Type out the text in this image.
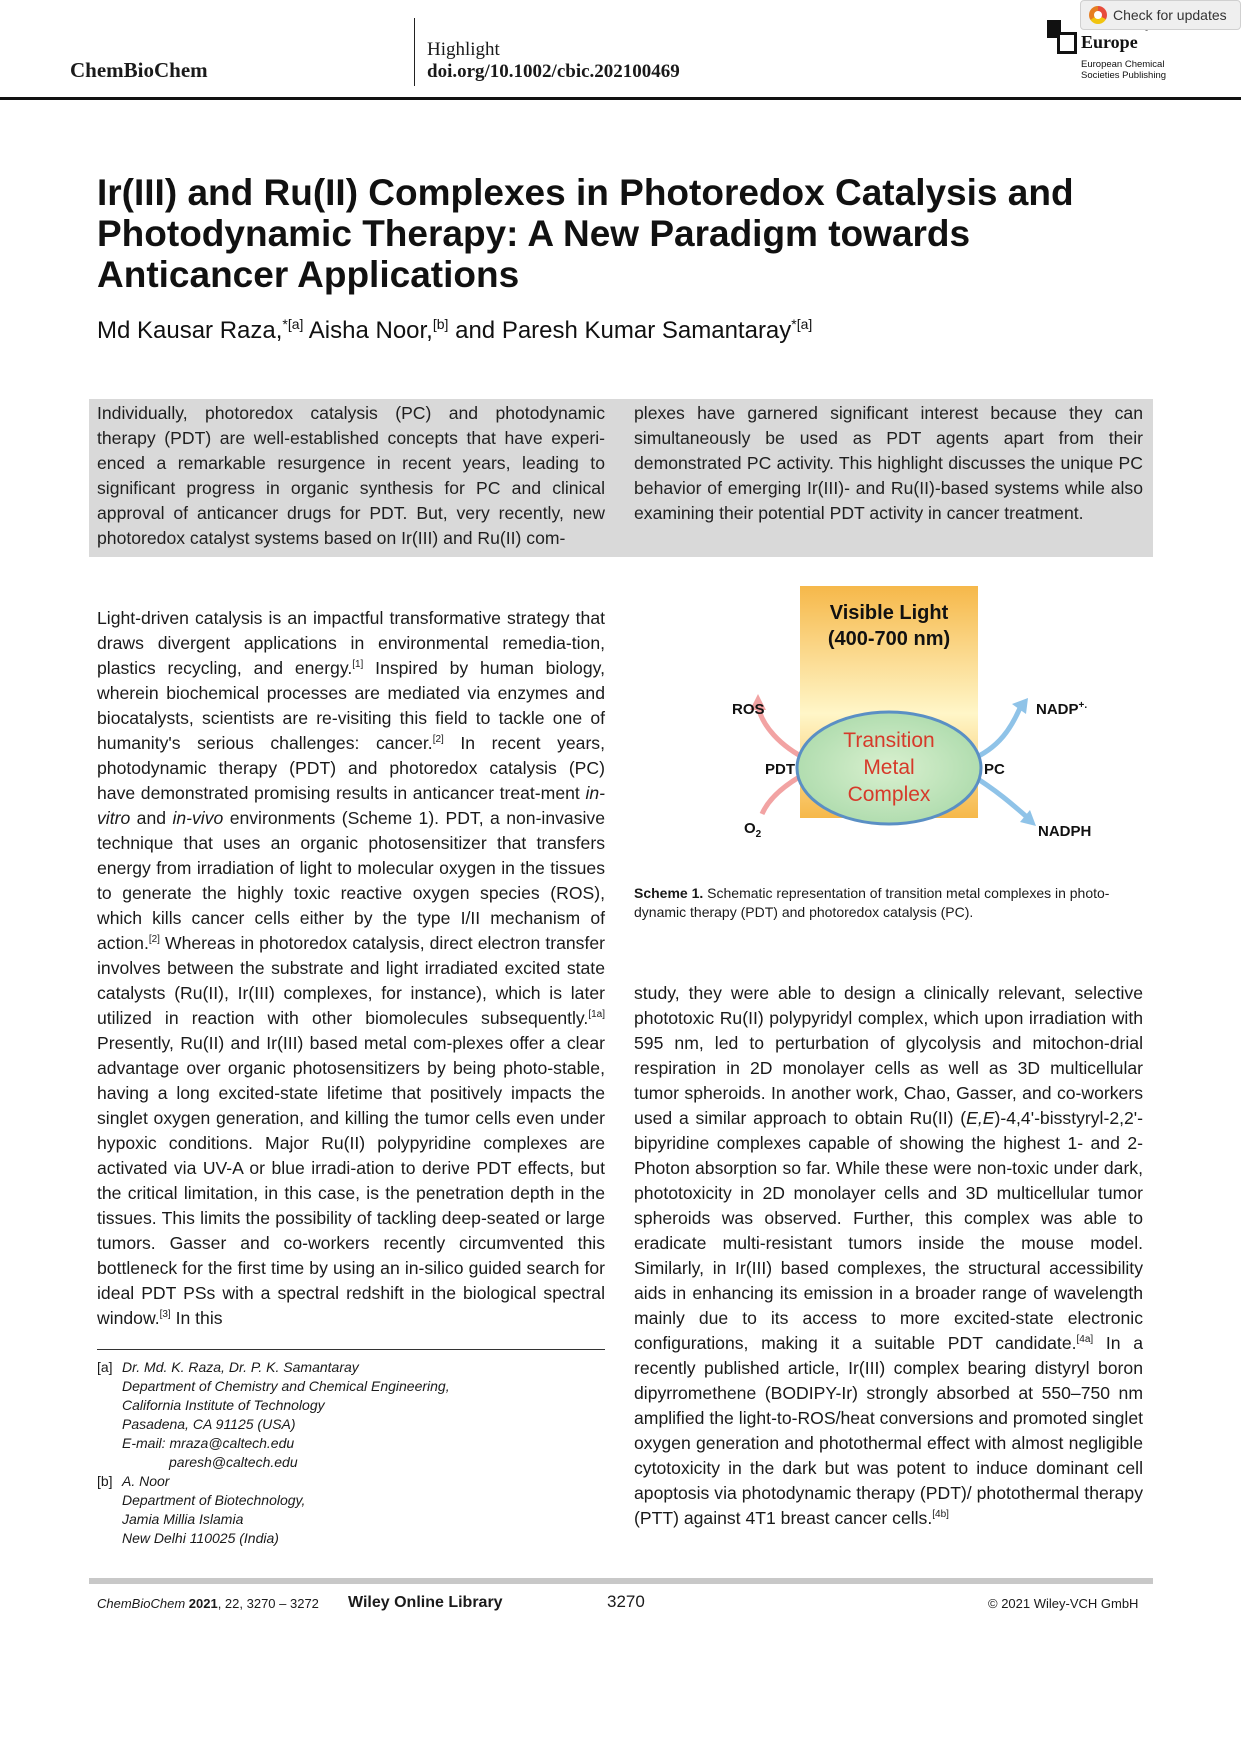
ChemBioChem
Highlight
doi.org/10.1002/cbic.202100469
Europe
European Chemical
Societies Publishing
Check for updates
Ir(III) and Ru(II) Complexes in Photoredox Catalysis and Photodynamic Therapy: A New Paradigm towards Anticancer Applications
Md Kausar Raza,$^{*[a]}$ Aisha Noor,[b] and Paresh Kumar Samantaray$^{*[a]}$
Individually, photoredox catalysis (PC) and photodynamic therapy (PDT) are well-established concepts that have experi-enced a remarkable resurgence in recent years, leading to significant progress in organic synthesis for PC and clinical approval of anticancer drugs for PDT. But, very recently, new photoredox catalyst systems based on Ir(III) and Ru(II) com-
plexes have garnered significant interest because they can simultaneously be used as PDT agents apart from their demonstrated PC activity. This highlight discusses the unique PC behavior of emerging Ir(III)- and Ru(II)-based systems while also examining their potential PDT activity in cancer treatment.
Light-driven catalysis is an impactful transformative strategy that draws divergent applications in environmental remedia-tion, plastics recycling, and energy.[1] Inspired by human biology, wherein biochemical processes are mediated via enzymes and biocatalysts, scientists are re-visiting this field to tackle one of humanity's serious challenges: cancer.[2] In recent years, photodynamic therapy (PDT) and photoredox catalysis (PC) have demonstrated promising results in anticancer treat-ment in-vitro and in-vivo environments (Scheme 1). PDT, a non-invasive technique that uses an organic photosensitizer that transfers energy from irradiation of light to molecular oxygen in the tissues to generate the highly toxic reactive oxygen species (ROS), which kills cancer cells either by the type I/II mechanism of action.[2] Whereas in photoredox catalysis, direct electron transfer involves between the substrate and light irradiated excited state catalysts (Ru(II), Ir(III) complexes, for instance), which is later utilized in reaction with other biomolecules subsequently.[1a] Presently, Ru(II) and Ir(III) based metal com-plexes offer a clear advantage over organic photosensitizers by being photo-stable, having a long excited-state lifetime that positively impacts the singlet oxygen generation, and killing the tumor cells even under hypoxic conditions. Major Ru(II) polypyridine complexes are activated via UV-A or blue irradi-ation to derive PDT effects, but the critical limitation, in this case, is the penetration depth in the tissues. This limits the possibility of tackling deep-seated or large tumors. Gasser and co-workers recently circumvented this bottleneck for the first time by using an in-silico guided search for ideal PDT PSs with a spectral redshift in the biological spectral window.[3] In this
study, they were able to design a clinically relevant, selective phototoxic Ru(II) polypyridyl complex, which upon irradiation with 595 nm, led to perturbation of glycolysis and mitochon-drial respiration in 2D monolayer cells as well as 3D multicellular tumor spheroids. In another work, Chao, Gasser, and co-workers used a similar approach to obtain Ru(II) (E,E)-4,4'-bisstyryl-2,2'-bipyridine complexes capable of showing the highest 1- and 2-Photon absorption so far. While these were non-toxic under dark, phototoxicity in 2D monolayer cells and 3D multicellular tumor spheroids was observed. Further, this complex was able to eradicate multi-resistant tumors inside the mouse model. Similarly, in Ir(III) based complexes, the structural accessibility aids in enhancing its emission in a broader range of wavelength mainly due to its access to more excited-state electronic configurations, making it a suitable PDT candidate.[4a] In a recently published article, Ir(III) complex bearing distyryl boron dipyrromethene (BODIPY-Ir) strongly absorbed at 550–750 nm amplified the light-to-ROS/heat conversions and promoted singlet oxygen generation and photothermal effect with almost negligible cytotoxicity in the dark but was potent to induce dominant cell apoptosis via photodynamic therapy (PDT)/ photothermal therapy (PTT) against 4T1 breast cancer cells.[4b]
Visible Light
(400-700 nm)
Transition
Metal
Complex
ROS
PDT
$O_2$
NADP+.
PC
NADPH
Scheme 1. Schematic representation of transition metal complexes in photo-dynamic therapy (PDT) and photoredox catalysis (PC).
[a] Dr. Md. K. Raza, Dr. P. K. Samantaray
Department of Chemistry and Chemical Engineering,
California Institute of Technology
Pasadena, CA 91125 (USA)
E-mail: mraza@caltech.edu
paresh@caltech.edu
[b] A. Noor
Department of Biotechnology,
Jamia Millia Islamia
New Delhi 110025 (India)
ChemBioChem 2021, 22, 3270 – 3272 Wiley Online Library	3270	© 2021 Wiley-VCH GmbH
